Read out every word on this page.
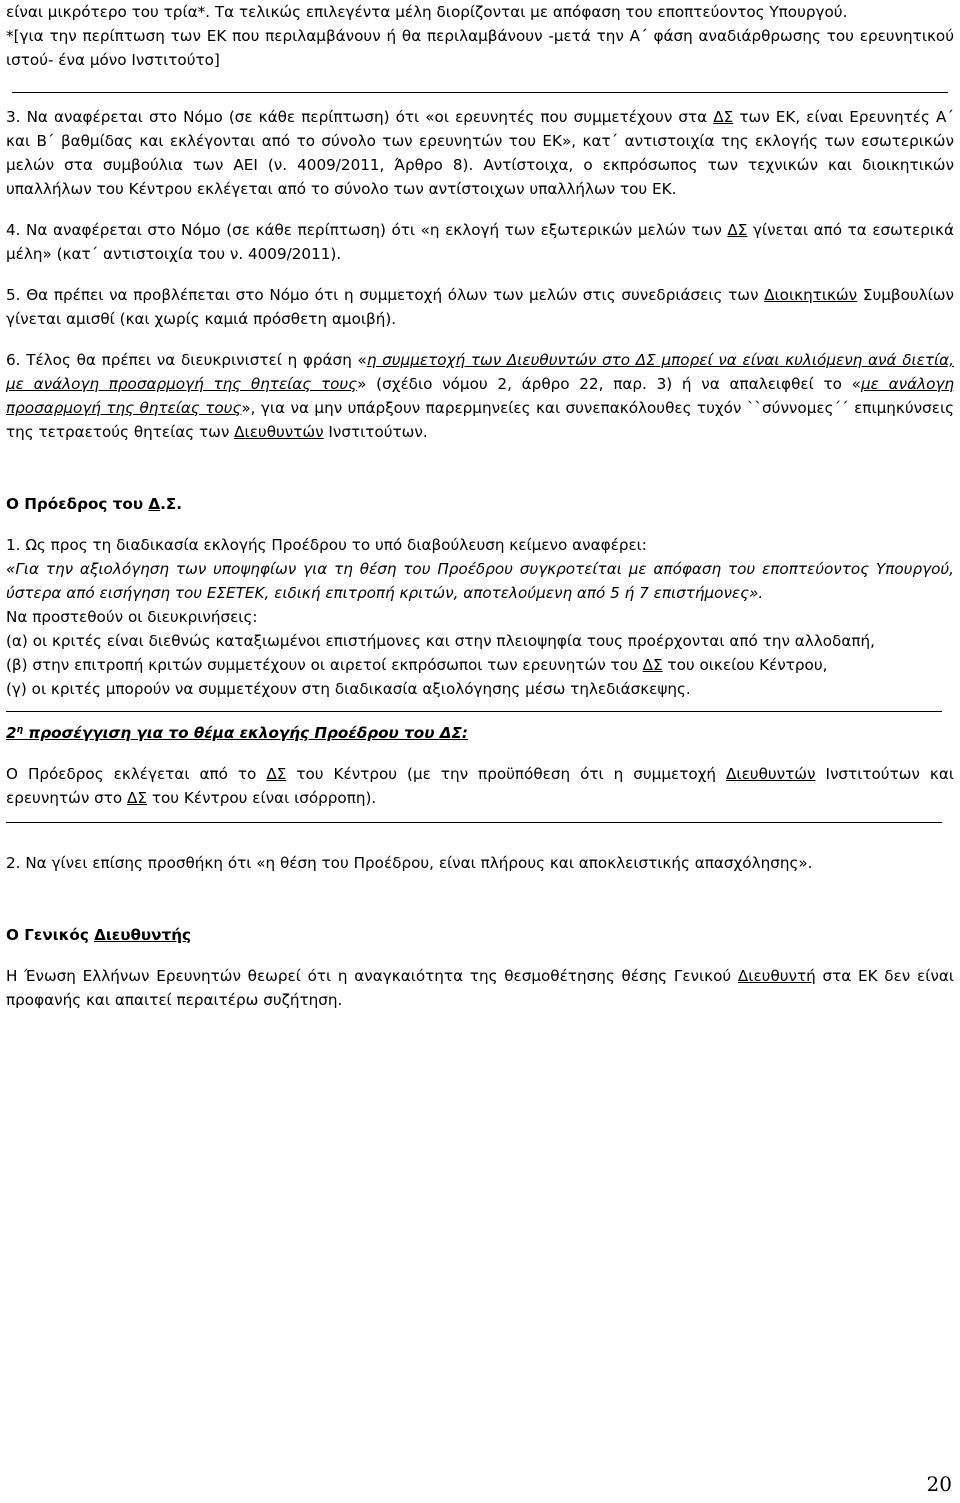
είναι μικρότερο του τρία*. Τα τελικώς επιλεγέντα μέλη διορίζονται με απόφαση του εποπτεύοντος Υπουργού.

*[για την περίπτωση των ΕΚ που περιλαμβάνουν ή θα περιλαμβάνουν -μετά την Α΄ φάση αναδιάρθρωσης του ερευνητικού ιστού- ένα μόνο Ινστιτούτο]

3. Να αναφέρεται στο Νόμο (σε κάθε περίπτωση) ότι «οι ερευνητές που συμμετέχουν στα ΔΣ των ΕΚ, είναι Ερευνητές Α΄ και Β΄ βαθμίδας και εκλέγονται από το σύνολο των ερευνητών του ΕΚ», κατ΄ αντιστοιχία της εκλογής των εσωτερικών μελών στα συμβούλια των ΑΕΙ (ν. 4009/2011, Άρθρο 8). Αντίστοιχα, ο εκπρόσωπος των τεχνικών και διοικητικών υπαλλήλων του Κέντρου εκλέγεται από το σύνολο των αντίστοιχων υπαλλήλων του ΕΚ.

4. Να αναφέρεται στο Νόμο (σε κάθε περίπτωση) ότι «η εκλογή των εξωτερικών μελών των ΔΣ γίνεται από τα εσωτερικά μέλη» (κατ΄ αντιστοιχία του ν. 4009/2011).

5. Θα πρέπει να προβλέπεται στο Νόμο ότι η συμμετοχή όλων των μελών στις συνεδριάσεις των Διοικητικών Συμβουλίων γίνεται αμισθί (και χωρίς καμιά πρόσθετη αμοιβή).

6. Τέλος θα πρέπει να διευκρινιστεί η φράση «η συμμετοχή των Διευθυντών στο ΔΣ μπορεί να είναι κυλιόμενη ανά διετία, με ανάλογη προσαρμογή της θητείας τους» (σχέδιο νόμου 2, άρθρο 22, παρ. 3) ή να απαλειφθεί το «με ανάλογη προσαρμογή της θητείας τους», για να μην υπάρξουν παρερμηνείες και συνεπακόλουθες τυχόν ``σύννομες΄΄ επιμηκύνσεις της τετραετούς θητείας των Διευθυντών Ινστιτούτων.

Ο Πρόεδρος του Δ.Σ.

1. Ως προς τη διαδικασία εκλογής Προέδρου το υπό διαβούλευση κείμενο αναφέρει:

«Για την αξιολόγηση των υποψηφίων για τη θέση του Προέδρου συγκροτείται με απόφαση του εποπτεύοντος Υπουργού, ύστερα από εισήγηση του ΕΣΕΤΕΚ, ειδική επιτροπή κριτών, αποτελούμενη από 5 ή 7 επιστήμονες».

Να προστεθούν οι διευκρινήσεις:

(α) οι κριτές είναι διεθνώς καταξιωμένοι επιστήμονες και στην πλειοψηφία τους προέρχονται από την αλλοδαπή,

(β) στην επιτροπή κριτών συμμετέχουν οι αιρετοί εκπρόσωποι των ερευνητών του ΔΣ του οικείου Κέντρου,

(γ) οι κριτές μπορούν να συμμετέχουν στη διαδικασία αξιολόγησης μέσω τηλεδιάσκεψης.

$2^\eta$ προσέγγιση για το θέμα εκλογής Προέδρου του ΔΣ:

Ο Πρόεδρος εκλέγεται από το ΔΣ του Κέντρου (με την προϋπόθεση ότι η συμμετοχή Διευθυντών Ινστιτούτων και ερευνητών στο ΔΣ του Κέντρου είναι ισόρροπη).

2. Να γίνει επίσης προσθήκη ότι «η θέση του Προέδρου, είναι πλήρους και αποκλειστικής απασχόλησης».

Ο Γενικός Διευθυντής

Η Ένωση Ελλήνων Ερευνητών θεωρεί ότι η αναγκαιότητα της θεσμοθέτησης θέσης Γενικού Διευθυντή στα ΕΚ δεν είναι προφανής και απαιτεί περαιτέρω συζήτηση.

20
